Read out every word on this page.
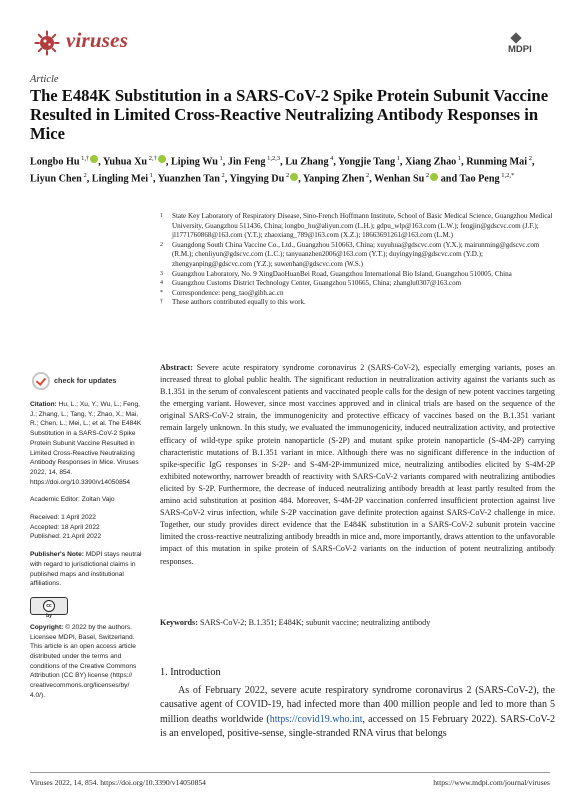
viruses	MDPI
Article
The E484K Substitution in a SARS-CoV-2 Spike Protein Subunit Vaccine Resulted in Limited Cross-Reactive Neutralizing Antibody Responses in Mice
Longbo Hu $^{1,\dagger}$ , Yuhua Xu $^{2,\dagger}$ , Liping Wu $^1$, Jin Feng $^{1,2,3}$, Lu Zhang $^4$, Yongjie Tang $^1$, Xiang Zhao $^1$, Runming Mai $^2$, Liyun Chen $^2$, Lingling Mei $^1$, Yuanzhen Tan $^2$, Yingying Du $^2$ , Yanping Zhen $^2$, Wenhan Su $^2$ and Tao Peng $^{1,2,*}$
1	State Key Laboratory of Respiratory Disease, Sino-French Hoffmann Institute, School of Basic Medical Science, Guangzhou Medical University, Guangzhou 511436, China; longbo_hu@aliyun.com (L.H.); gdpu_wlp@163.com (L.W.); fengjin@gdscvc.com (J.F.); jl1771760868@163.com (Y.T.); zhaoxiang_789@163.com (X.Z.); 18663691261@163.com (L.M.)
2	Guangdong South China Vaccine Co., Ltd., Guangzhou 510663, China; xuyuhua@gdscvc.com (Y.X.); mairunming@gdscvc.com (R.M.); chenliyun@gdscvc.com (L.C.); tanyuanzhen2006@163.com (Y.T.); duyingying@gdscvc.com (Y.D.); zhengyanping@gdscvc.com (Y.Z.); suwenhan@gdscvc.com (W.S.)
3	Guangzhou Laboratory, No. 9 XingDaoHuanBei Road, Guangzhou International Bio Island, Guangzhou 510005, China
4	Guangzhou Customs District Technology Center, Guangzhou 510665, China; zhanglu0307@163.com
*	Correspondence: peng_tao@gibh.ac.cn
†	These authors contributed equally to this work.
check for updates
Citation: Hu, L.; Xu, Y.; Wu, L.; Feng, J.; Zhang, L.; Tang, Y.; Zhao, X.; Mai, R.; Chen, L.; Mei, L.; et al. The E484K Substitution in a SARS-CoV-2 Spike Protein Subunit Vaccine Resulted in Limited Cross-Reactive Neutralizing Antibody Responses in Mice. Viruses 2022, 14, 854. https://doi.org/10.3390/v14050854
Academic Editor: Zoltan Vajo
Received: 1 April 2022
Accepted: 18 April 2022
Published: 21 April 2022
Publisher's Note: MDPI stays neutral with regard to jurisdictional claims in published maps and institutional affiliations.
cc by
Copyright: © 2022 by the authors. Licensee MDPI, Basel, Switzerland. This article is an open access article distributed under the terms and conditions of the Creative Commons Attribution (CC BY) license (https:// creativecommons.org/licenses/by/ 4.0/).
Abstract: Severe acute respiratory syndrome coronavirus 2 (SARS-CoV-2), especially emerging variants, poses an increased threat to global public health. The significant reduction in neutralization activity against the variants such as B.1.351 in the serum of convalescent patients and vaccinated people calls for the design of new potent vaccines targeting the emerging variant. However, since most vaccines approved and in clinical trials are based on the sequence of the original SARS-CoV-2 strain, the immunogenicity and protective efficacy of vaccines based on the B.1.351 variant remain largely unknown. In this study, we evaluated the immunogenicity, induced neutralization activity, and protective efficacy of wild-type spike protein nanoparticle (S-2P) and mutant spike protein nanoparticle (S-4M-2P) carrying characteristic mutations of B.1.351 variant in mice. Although there was no significant difference in the induction of spike-specific IgG responses in S-2P- and S-4M-2P-immunized mice, neutralizing antibodies elicited by S-4M-2P exhibited noteworthy, narrower breadth of reactivity with SARS-CoV-2 variants compared with neutralizing antibodies elicited by S-2P. Furthermore, the decrease of induced neutralizing antibody breadth at least partly resulted from the amino acid substitution at position 484. Moreover, S-4M-2P vaccination conferred insufficient protection against live SARS-CoV-2 virus infection, while S-2P vaccination gave definite protection against SARS-CoV-2 challenge in mice. Together, our study provides direct evidence that the E484K substitution in a SARS-CoV-2 subunit protein vaccine limited the cross-reactive neutralizing antibody breadth in mice and, more importantly, draws attention to the unfavorable impact of this mutation in spike protein of SARS-CoV-2 variants on the induction of potent neutralizing antibody responses.
Keywords: SARS-CoV-2; B.1.351; E484K; subunit vaccine; neutralizing antibody
1. Introduction
As of February 2022, severe acute respiratory syndrome coronavirus 2 (SARS-CoV-2), the causative agent of COVID-19, had infected more than 400 million people and led to more than 5 million deaths worldwide (https://covid19.who.int, accessed on 15 February 2022). SARS-CoV-2 is an enveloped, positive-sense, single-stranded RNA virus that belongs
Viruses 2022, 14, 854. https://doi.org/10.3390/v14050854	https://www.mdpi.com/journal/viruses
